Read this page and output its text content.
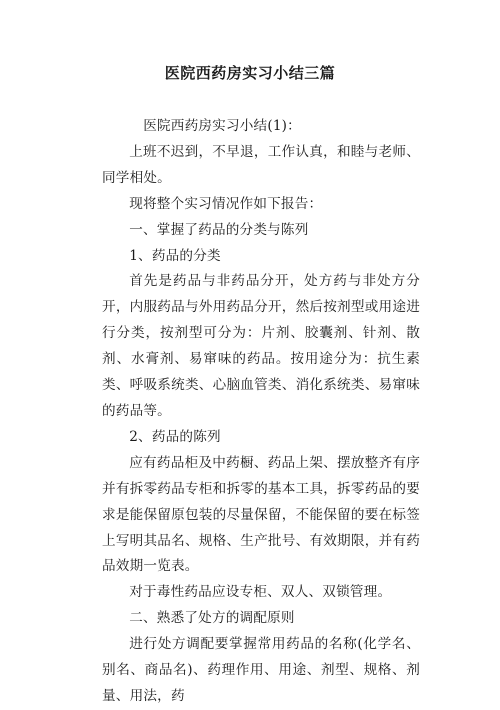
医院西药房实习小结三篇

医院西药房实习小结(1)：

上班不迟到，不早退，工作认真，和睦与老师、同学相处。

现将整个实习情况作如下报告：

一、掌握了药品的分类与陈列

1、药品的分类

首先是药品与非药品分开，处方药与非处方分开，内服药品与外用药品分开，然后按剂型或用途进行分类，按剂型可分为：片剂、胶囊剂、针剂、散剂、水膏剂、易窜味的药品。按用途分为：抗生素类、呼吸系统类、心脑血管类、消化系统类、易窜味的药品等。

2、药品的陈列

应有药品柜及中药橱、药品上架、摆放整齐有序并有拆零药品专柜和拆零的基本工具，拆零药品的要求是能保留原包装的尽量保留，不能保留的要在标签上写明其品名、规格、生产批号、有效期限，并有药品效期一览表。

对于毒性药品应设专柜、双人、双锁管理。

二、熟悉了处方的调配原则

进行处方调配要掌握常用药品的名称(化学名、别名、商品名)、药理作用、用途、剂型、规格、剂量、用法，药
